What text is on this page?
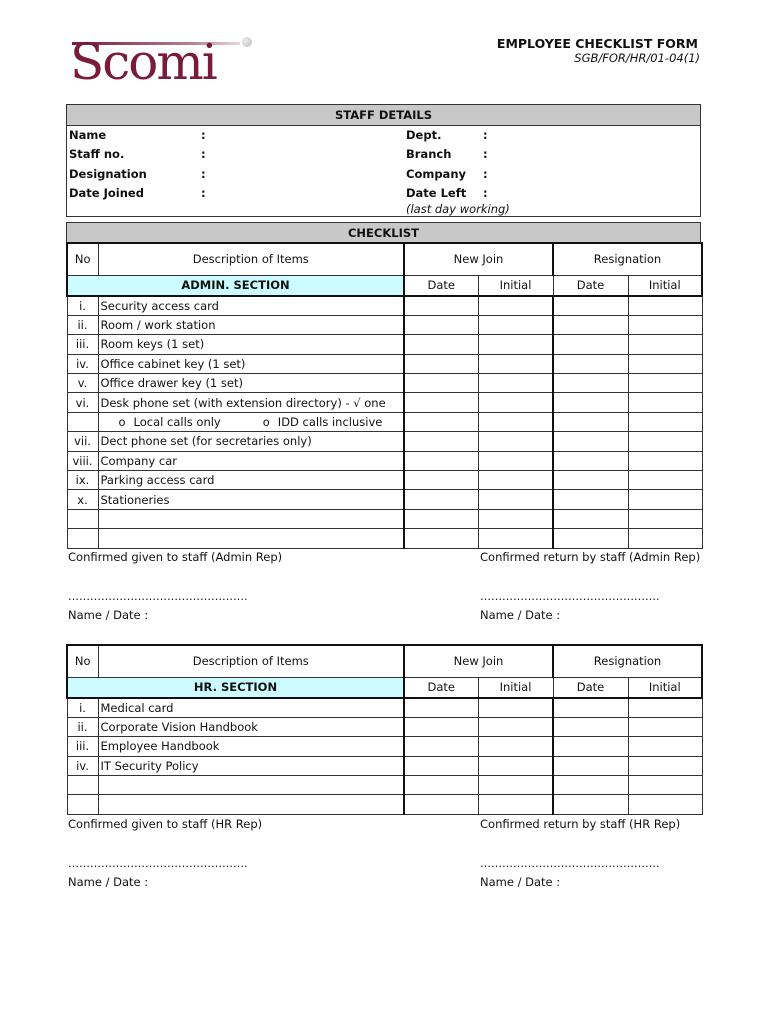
Scomi	EMPLOYEE CHECKLIST FORM
SGB/FOR/HR/01-04(1)
STAFF DETAILS
Name	:
Staff no.	:
Designation	:
Date Joined	:
Dept.	:
Branch	:
Company :
Date Left :
(last day working)
CHECKLIST
No	Description of Items	New Join		Resignation	
ADMIN. SECTION		Date	Initial	Date	Initial
i.	Security access card				
ii.	Room / work station				
iii.	Room keys (1 set)				
iv.	Office cabinet key (1 set)				
v.	Office drawer key (1 set)				
vi.	Desk phone set (with extension directory) - √ one				
	o Local calls only o IDD calls inclusive				
vii.	Dect phone set (for secretaries only)				
viii.	Company car				
ix.	Parking access card				
x.	Stationeries				

Confirmed given to staff (Admin Rep)	Confirmed return by staff (Admin Rep)
………………………………………….	………………………………………….
Name / Date :	Name / Date :
No	Description of Items	New Join		Resignation	
HR. SECTION		Date	Initial	Date	Initial
i.	Medical card				
ii.	Corporate Vision Handbook				
iii.	Employee Handbook				
iv.	IT Security Policy				

Confirmed given to staff (HR Rep)	Confirmed return by staff (HR Rep)
………………………………………….	………………………………………….
Name / Date :	Name / Date :
